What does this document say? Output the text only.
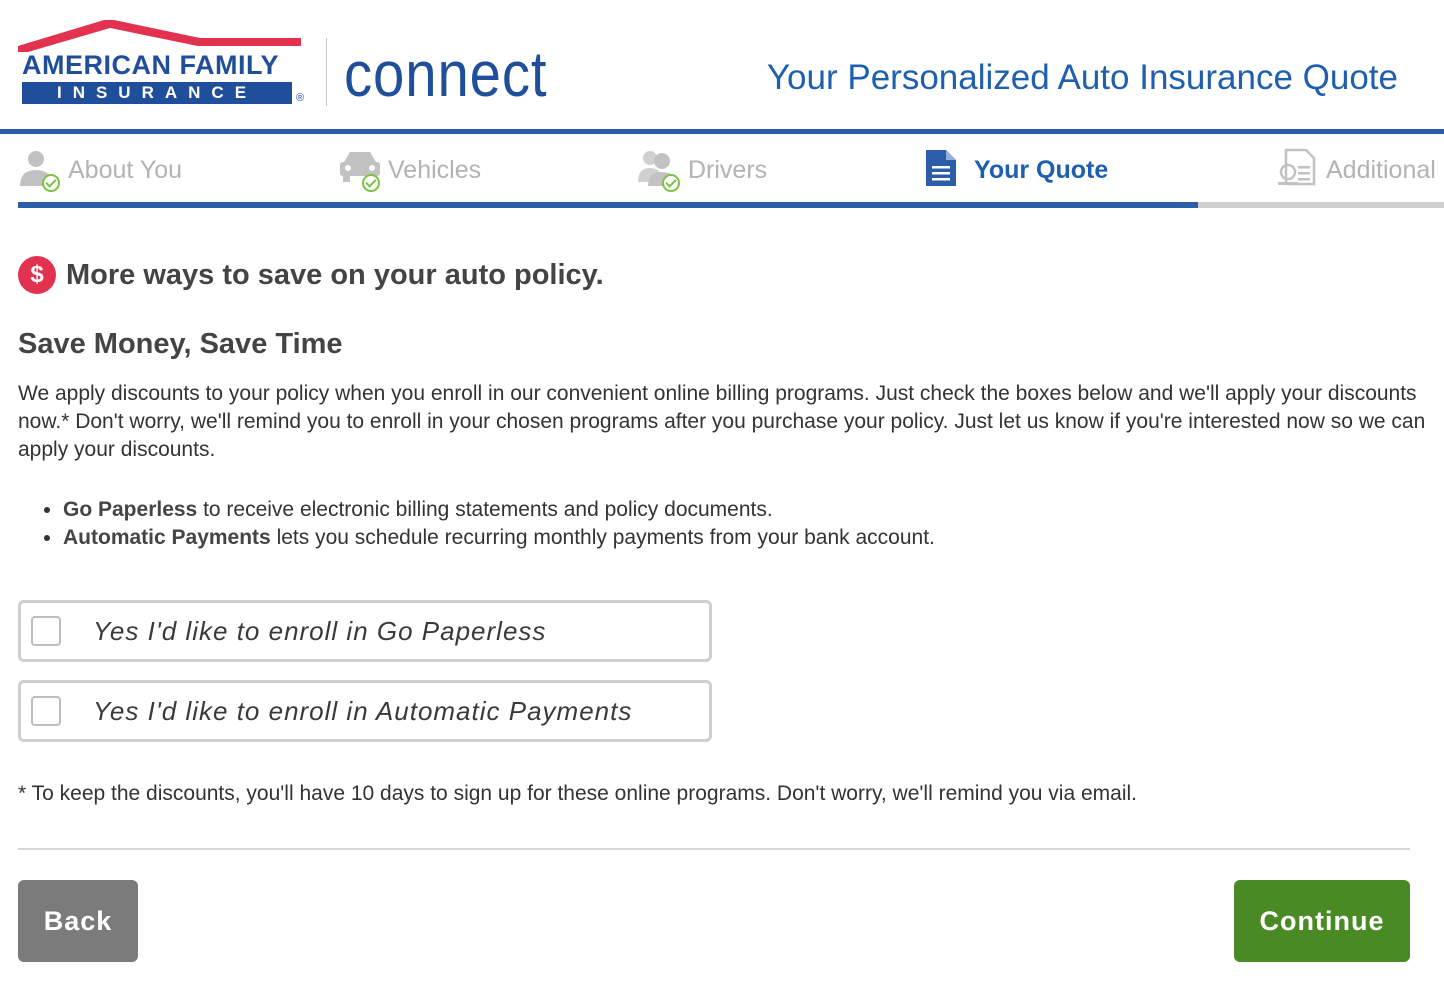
AMERICAN FAMILY
INSURANCE	® connect	Your Personalized Auto Insurance Quote
About You	Vehicles	Drivers	Your Quote	Additional
$ More ways to save on your auto policy.
Save Money, Save Time
We apply discounts to your policy when you enroll in our convenient online billing programs. Just check the boxes below and we'll apply your discounts now.* Don't worry, we'll remind you to enroll in your chosen programs after you purchase your policy. Just let us know if you're interested now so we can apply your discounts.
• Go Paperless to receive electronic billing statements and policy documents.
• Automatic Payments lets you schedule recurring monthly payments from your bank account.
Yes I'd like to enroll in Go Paperless
Yes I'd like to enroll in Automatic Payments
* To keep the discounts, you'll have 10 days to sign up for these online programs. Don't worry, we'll remind you via email.
Back	Continue
